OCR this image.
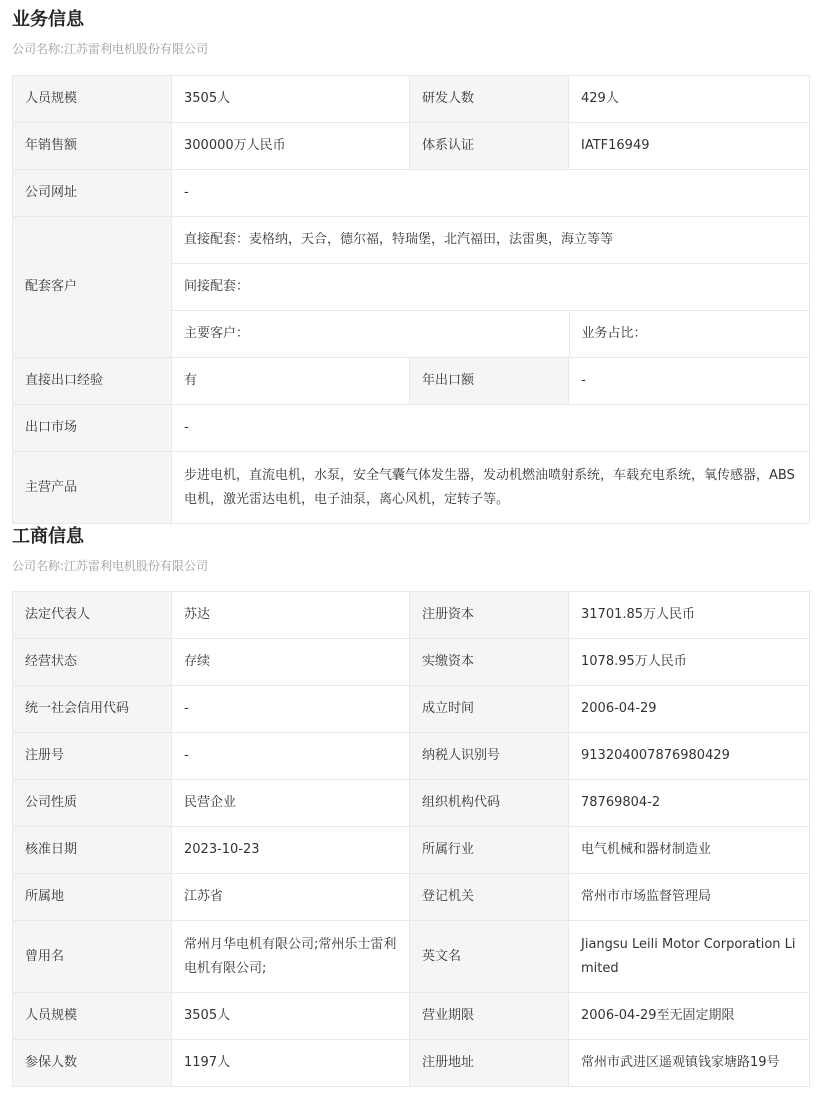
业务信息
公司名称:江苏雷利电机股份有限公司
人员规模	3505人	研发人数	429人
年销售额	300000万人民币	体系认证	IATF16949
公司网址	-
配套客户	
直接配套：麦格纳，天合，德尔福，特瑞堡，北汽福田，法雷奥，海立等等
间接配套：
主要客户：	业务占比：

直接出口经验	有	年出口额	-
出口市场	-
主营产品	步进电机，直流电机，水泵，安全气囊气体发生器，发动机燃油喷射系统，车载充电系统，氧传感器，ABS电机，激光雷达电机，电子油泵，离心风机，定转子等。
工商信息
公司名称:江苏雷利电机股份有限公司
法定代表人	苏达	注册资本	31701.85万人民币
经营状态	存续	实缴资本	1078.95万人民币
统一社会信用代码	-	成立时间	2006-04-29
注册号	-	纳税人识别号	913204007876980429
公司性质	民营企业	组织机构代码	78769804-2
核准日期	2023-10-23	所属行业	电气机械和器材制造业
所属地	江苏省	登记机关	常州市市场监督管理局
曾用名	常州月华电机有限公司;常州乐士雷利电机有限公司;	英文名	Jiangsu Leili Motor Corporation Limited
人员规模	3505人	营业期限	2006-04-29至无固定期限
参保人数	1197人	注册地址	常州市武进区遥观镇钱家塘路19号
